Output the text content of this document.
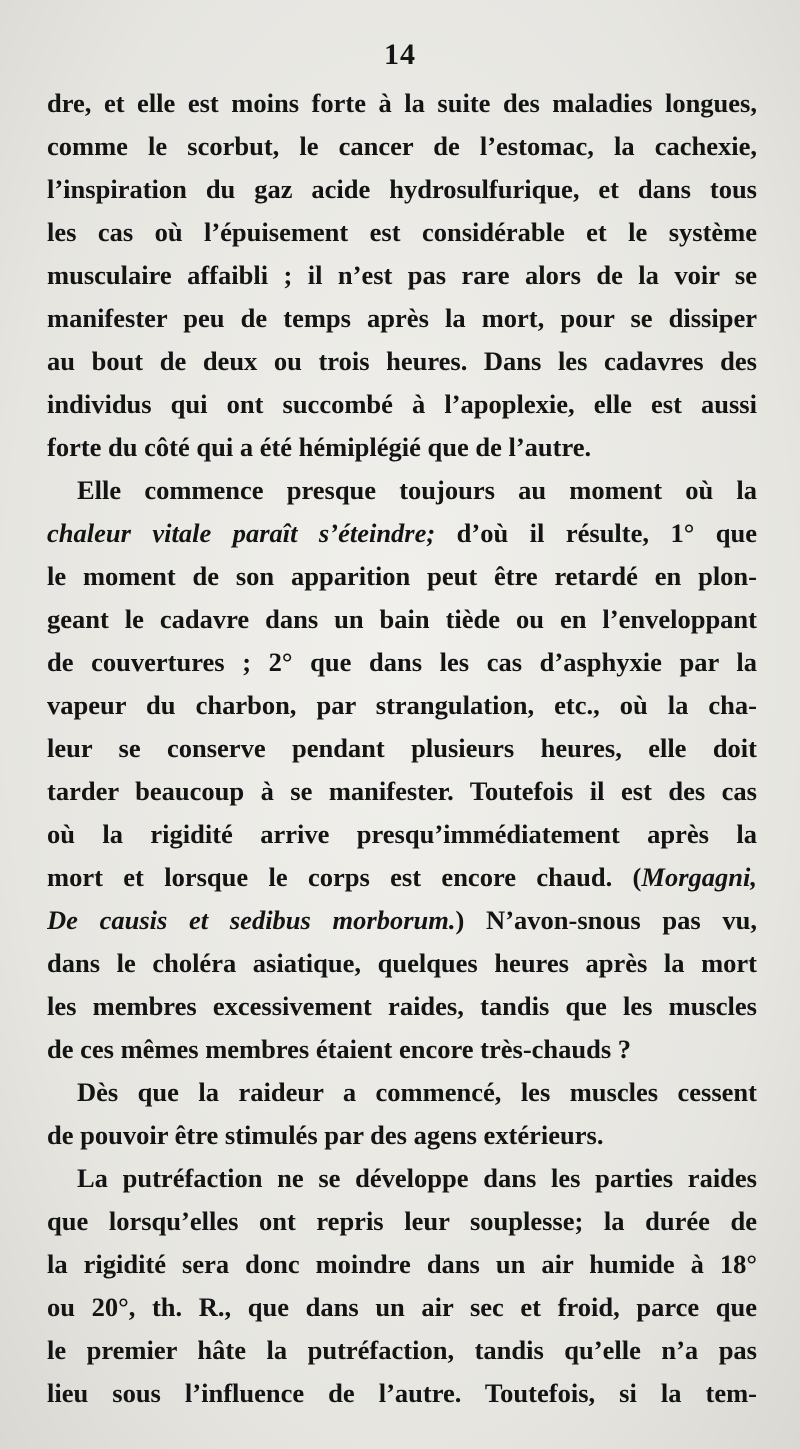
14
dre, et elle est moins forte à la suite des maladies longues,
comme le scorbut, le cancer de l’estomac, la cachexie,
l’inspiration du gaz acide hydrosulfurique, et dans tous
les cas où l’épuisement est considérable et le système
musculaire affaibli ; il n’est pas rare alors de la voir se
manifester peu de temps après la mort, pour se dissiper
au bout de deux ou trois heures. Dans les cadavres des
individus qui ont succombé à l’apoplexie, elle est aussi
forte du côté qui a été hémiplégié que de l’autre.
Elle commence presque toujours au moment où la
chaleur vitale paraît s’éteindre; d’où il résulte, 1° que
le moment de son apparition peut être retardé en plon-
geant le cadavre dans un bain tiède ou en l’enveloppant
de couvertures ; 2° que dans les cas d’asphyxie par la
vapeur du charbon, par strangulation, etc., où la cha-
leur se conserve pendant plusieurs heures, elle doit
tarder beaucoup à se manifester. Toutefois il est des cas
où la rigidité arrive presqu’immédiatement après la
mort et lorsque le corps est encore chaud. (Morgagni,
De causis et sedibus morborum.) N’avon-snous pas vu,
dans le choléra asiatique, quelques heures après la mort
les membres excessivement raides, tandis que les muscles
de ces mêmes membres étaient encore très-chauds ?
Dès que la raideur a commencé, les muscles cessent
de pouvoir être stimulés par des agens extérieurs.
La putréfaction ne se développe dans les parties raides
que lorsqu’elles ont repris leur souplesse; la durée de
la rigidité sera donc moindre dans un air humide à 18°
ou 20°, th. R., que dans un air sec et froid, parce que
le premier hâte la putréfaction, tandis qu’elle n’a pas
lieu sous l’influence de l’autre. Toutefois, si la tem-
